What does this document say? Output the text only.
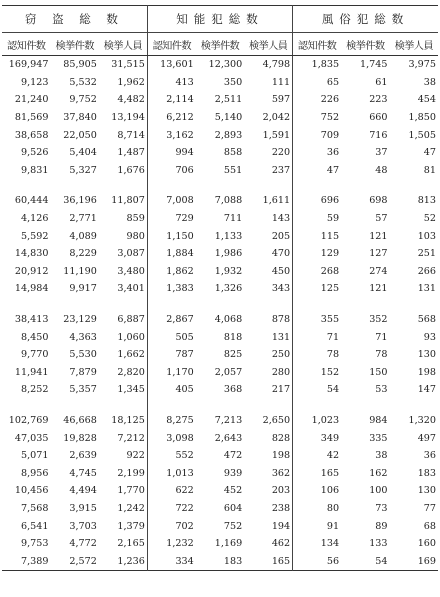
窃 盗 総 数			知能犯総数			風俗犯総数		
認知件数	検挙件数	検挙人員	認知件数	検挙件数	検挙人員	認知件数	検挙件数	検挙人員
169,947	85,905	31,515	13,601	12,300	4,798	1,835	1,745	3,975
9,123	5,532	1,962	413	350	111	65	61	38
21,240	9,752	4,482	2,114	2,511	597	226	223	454
81,569	37,840	13,194	6,212	5,140	2,042	752	660	1,850
38,658	22,050	8,714	3,162	2,893	1,591	709	716	1,505
9,526	5,404	1,487	994	858	220	36	37	47
9,831	5,327	1,676	706	551	237	47	48	81

60,444	36,196	11,807	7,008	7,088	1,611	696	698	813
4,126	2,771	859	729	711	143	59	57	52
5,592	4,089	980	1,150	1,133	205	115	121	103
14,830	8,229	3,087	1,884	1,986	470	129	127	251
20,912	11,190	3,480	1,862	1,932	450	268	274	266
14,984	9,917	3,401	1,383	1,326	343	125	121	131

38,413	23,129	6,887	2,867	4,068	878	355	352	568
8,450	4,363	1,060	505	818	131	71	71	93
9,770	5,530	1,662	787	825	250	78	78	130
11,941	7,879	2,820	1,170	2,057	280	152	150	198
8,252	5,357	1,345	405	368	217	54	53	147

102,769	46,668	18,125	8,275	7,213	2,650	1,023	984	1,320
47,035	19,828	7,212	3,098	2,643	828	349	335	497
5,071	2,639	922	552	472	198	42	38	36
8,956	4,745	2,199	1,013	939	362	165	162	183
10,456	4,494	1,770	622	452	203	106	100	130
7,568	3,915	1,242	722	604	238	80	73	77
6,541	3,703	1,379	702	752	194	91	89	68
9,753	4,772	2,165	1,232	1,169	462	134	133	160
7,389	2,572	1,236	334	183	165	56	54	169
